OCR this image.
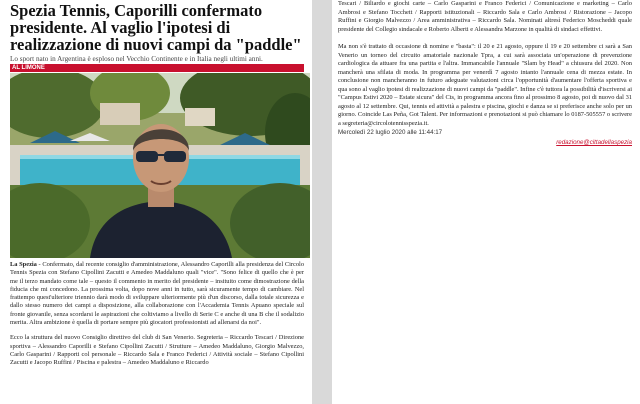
Spezia Tennis, Caporilli confermato presidente. Al vaglio l'ipotesi di realizzazione di nuovi campi da "paddle"
Lo sport nato in Argentina è esploso nel Vecchio Continente e in Italia negli ultimi anni.
AL LIMONE

La Spezia - Confermato, dal recente consiglio d'amministrazione, Alessandro Caporilli alla presidenza del Circolo Tennis Spezia con Stefano Cipollini Zacutti e Amedeo Maddaluno quali "vice". "Sono felice di quello che è per me il terzo mandato come tale – questo il commento in merito del presidente – insituito come dimostrazione della fiducia che mi concedono. La prossima volta, dopo nove anni in tutto, sarà sicuramente tempo di cambiare. Nel frattempo quest'ulteriore triennio darà modo di sviluppare ulteriormente più d'un discorso, dalla totale sicurezza e dallo stesso numero dei campi a disposizione, alla collaborazione con l'Accademia Tennis Apuano speciale sul fronte giovanile, senza scordarsi le aspirazioni che coltiviamo a livello di Serie C e anche di una B che il sodalizio merita. Altra ambizione è quella di portare sempre più giocatori professionisti ad allenarsi da noi".

Ecco la struttura del nuovo Consiglio direttivo del club di San Venerio. Segreteria – Riccardo Tescari / Direzione sportiva – Alessandro Caporilli e Stefano Cipollini Zacutti / Strutture – Amedeo Maddaluno, Giorgio Malvezzo, Carlo Gasparini / Rapporti col personale – Riccardo Sala e Franco Federici / Attività sociale – Stefano Cipollini Zacutti e Jacopo Ruffini / Piscina e palestra – Amedeo Maddaluno e Riccardo

Tescari / Biliardo e giochi carte – Carlo Gasparini e Franco Federici / Comunicazione e marketing – Carlo Ambrosi e Stefano Tocchett / Rapporti istituzionali – Riccardo Sala e Carlo Ambrosi / Ristorazione – Jacopo Ruffini e Giorgio Malvezzo / Area amministrativa – Riccardo Sala. Nominati altresì Federico Moscheddi quale presidente del Collegio sindacale e Roberto Alberti e Alessandra Marzone in qualità di sindaci effettivi.

Ma non s'è trattato di occasione di nomine e "basta": il 20 e 21 agosto, oppure il 19 e 20 settembre ci sarà a San Venerio un torneo del circuito amatoriale nazionale Tpra, a cui sarà associata un'operazione di prevenzione cardiologica da attuare fra una partita e l'altra. Immancabile l'annuale "Slam by Head" a chiusura del 2020. Non mancherà una sfilata di moda. In programma per venerdì 7 agosto intanto l'annuale cena di mezza estate. In conclusione non mancheranno in futuro adeguate valutazioni circa l'opportunità d'aumentare l'offerta sportiva e qua sono al vaglio ipotesi di realizzazione di nuovi campi da "paddle". Infine c'è tuttora la possibilità d'iscriversi ai "Campus Estivi 2020 – Estate sicura" del Cts, in programma ancora fino al prossimo 8 agosto, poi di nuovo dal 31 agosto al 12 settembre. Qui, tennis ed attività a palestra e piscina, giochi e danza se si preferisce anche solo per un giorno. Coincide Las Peña, Got Talent. Per informazioni e prenotazioni si può chiamare lo 0187-505557 o scrivere a segreteria@circolotennisspezia.it.

Mercoledì 22 luglio 2020 alle 11:44:17
redazione@cittadellaspezia
